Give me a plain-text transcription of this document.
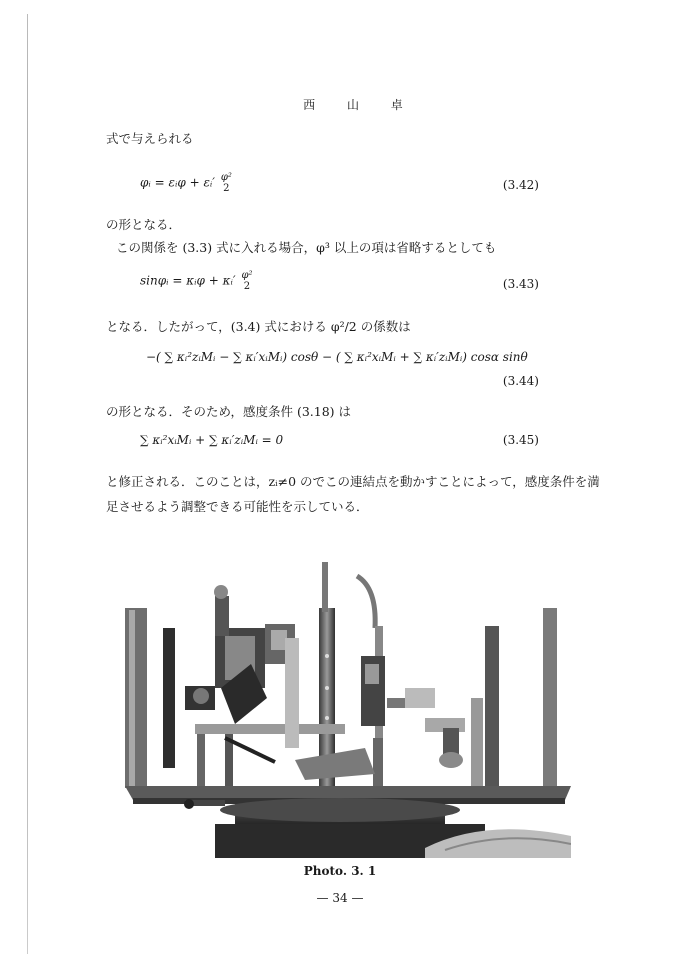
西 山 卓
式で与えられる
φᵢ = εᵢφ + εᵢ′ φ²
2	(3.42)
の形となる．
この関係を (3.3) 式に入れる場合，φ³ 以上の項は省略するとしても
sinφᵢ = κᵢφ + κᵢ′ φ²
2	(3.43)
となる．したがって，(3.4) 式における φ²/2 の係数は
−( ∑ κᵢ²zᵢMᵢ − ∑ κᵢ′xᵢMᵢ) cosθ − ( ∑ κᵢ²xᵢMᵢ + ∑ κᵢ′zᵢMᵢ) cosα sinθ
(3.44)
の形となる．そのため，感度条件 (3.18) は
∑ κᵢ²xᵢMᵢ + ∑ κᵢ′zᵢMᵢ = 0	(3.45)
と修正される．このことは，zᵢ≠0 のでこの連結点を動かすことによって，感度条件を満
足させるよう調整できる可能性を示している．
Photo. 3. 1
— 34 —
